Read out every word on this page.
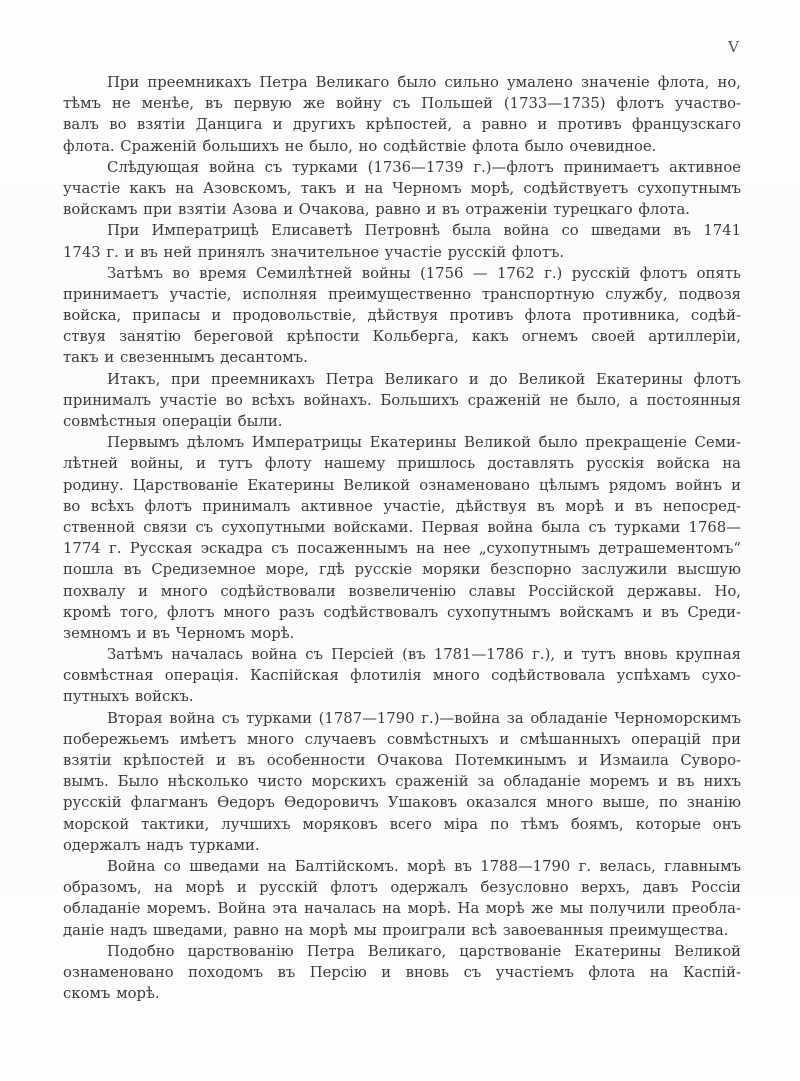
V
При преемникахъ Петра Великаго было сильно умалено значеніе флота, но,
тѣмъ не менѣе, въ первую же войну съ Польшей (1733—1735) флотъ участво-
валъ во взятіи Данцига и другихъ крѣпостей, а равно и противъ французскаго
флота. Сраженій большихъ не было, но содѣйствіе флота было очевидное.
Слѣдующая война съ турками (1736—1739 г.)—флотъ принимаетъ активное
участіе какъ на Азовскомъ, такъ и на Черномъ морѣ, содѣйствуетъ сухопутнымъ
войскамъ при взятіи Азова и Очакова, равно и въ отраженіи турецкаго флота.
При Императрицѣ Елисаветѣ Петровнѣ была война со шведами въ 1741
1743 г. и въ ней принялъ значительное участіе русскій флотъ.
Затѣмъ во время Семилѣтней войны (1756 — 1762 г.) русскій флотъ опять
принимаетъ участіе, исполняя преимущественно транспортную службу, подвозя
войска, припасы и продовольствіе, дѣйствуя противъ флота противника, содѣй-
ствуя занятію береговой крѣпости Кольберга, какъ огнемъ своей артиллеріи,
такъ и свезеннымъ десантомъ.
Итакъ, при преемникахъ Петра Великаго и до Великой Екатерины флотъ
принималъ участіе во всѣхъ войнахъ. Большихъ сраженій не было, а постоянныя
совмѣстныя операціи были.
Первымъ дѣломъ Императрицы Екатерины Великой было прекращеніе Семи-
лѣтней войны, и тутъ флоту нашему пришлось доставлять русскія войска на
родину. Царствованіе Екатерины Великой ознаменовано цѣлымъ рядомъ войнъ и
во всѣхъ флотъ принималъ активное участіе, дѣйствуя въ морѣ и въ непосред-
ственной связи съ сухопутными войсками. Первая война была съ турками 1768—
1774 г. Русская эскадра съ посаженнымъ на нее „сухопутнымъ детрашементомъ“
пошла въ Средиземное море, гдѣ русскіе моряки безспорно заслужили высшую
похвалу и много содѣйствовали возвеличенію славы Россійской державы. Но,
кромѣ того, флотъ много разъ содѣйствовалъ сухопутнымъ войскамъ и въ Среди-
земномъ и въ Черномъ морѣ.
Затѣмъ началась война съ Персіей (въ 1781—1786 г.), и тутъ вновь крупная
совмѣстная операція. Каспійская флотилія много содѣйствовала успѣхамъ сухо-
путныхъ войскъ.
Вторая война съ турками (1787—1790 г.)—война за обладаніе Черноморскимъ
побережьемъ имѣетъ много случаевъ совмѣстныхъ и смѣшанныхъ операцій при
взятіи крѣпостей и въ особенности Очакова Потемкинымъ и Измаила Суворо-
вымъ. Было нѣсколько чисто морскихъ сраженій за обладаніе моремъ и въ нихъ
русскій флагманъ Ѳедоръ Ѳедоровичъ Ушаковъ оказался много выше, по знанію
морской тактики, лучшихъ моряковъ всего міра по тѣмъ боямъ, которые онъ
одержалъ надъ турками.
Война со шведами на Балтійскомъ. морѣ въ 1788—1790 г. велась, главнымъ
образомъ, на морѣ и русскій флотъ одержалъ безусловно верхъ, давъ Россіи
обладаніе моремъ. Война эта началась на морѣ. На морѣ же мы получили преобла-
даніе надъ шведами, равно на морѣ мы проиграли всѣ завоеванныя преимущества.
Подобно царствованію Петра Великаго, царствованіе Екатерины Великой
ознаменовано походомъ въ Персію и вновь съ участіемъ флота на Каспій-
скомъ морѣ.
